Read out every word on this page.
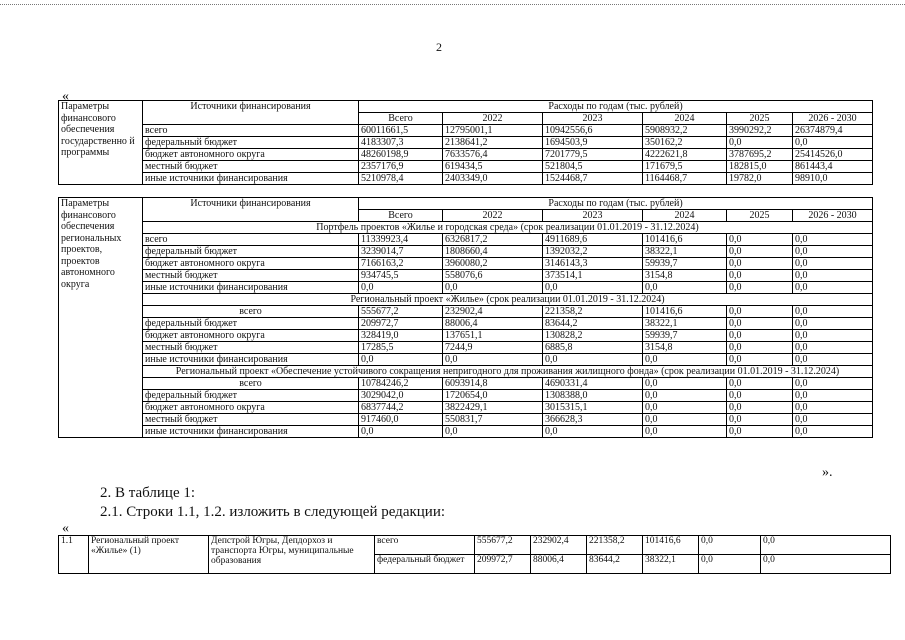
2
«
Параметры финансового обеспечения государственно й программы	Источники финансирования	Расходы по годам (тыс. рублей)					
		Всего	2022	2023	2024	2025	2026 - 2030
	всего	60011661,5	12795001,1	10942556,6	5908932,2	3990292,2	26374879,4
	федеральный бюджет	4183307,3	2138641,2	1694503,9	350162,2	0,0	0,0
	бюджет автономного округа	48260198,9	7633576,4	7201779,5	4222621,8	3787695,2	25414526,0
	местный бюджет	2357176,9	619434,5	521804,5	171679,5	182815,0	861443,4
	иные источники финансирования	5210978,4	2403349,0	1524468,7	1164468,7	19782,0	98910,0
Параметры финансового обеспечения региональных проектов, проектов автономного округа	Источники финансирования	Расходы по годам (тыс. рублей)					
		Всего	2022	2023	2024	2025	2026 - 2030
	Портфель проектов «Жилье и городская среда» (срок реализации 01.01.2019 - 31.12.2024)						
	всего	11339923,4	6326817,2	4911689,6	101416,6	0,0	0,0
	федеральный бюджет	3239014,7	1808660,4	1392032,2	38322,1	0,0	0,0
	бюджет автономного округа	7166163,2	3960080,2	3146143,3	59939,7	0,0	0,0
	местный бюджет	934745,5	558076,6	373514,1	3154,8	0,0	0,0
	иные источники финансирования	0,0	0,0	0,0	0,0	0,0	0,0
	Региональный проект «Жилье» (срок реализации 01.01.2019 - 31.12.2024)						
	всего	555677,2	232902,4	221358,2	101416,6	0,0	0,0
	федеральный бюджет	209972,7	88006,4	83644,2	38322,1	0,0	0,0
	бюджет автономного округа	328419,0	137651,1	130828,2	59939,7	0,0	0,0
	местный бюджет	17285,5	7244,9	6885,8	3154,8	0,0	0,0
	иные источники финансирования	0,0	0,0	0,0	0,0	0,0	0,0
	Региональный проект «Обеспечение устойчивого сокращения непригодного для проживания жилищного фонда» (срок реализации 01.01.2019 - 31.12.2024)						
	всего	10784246,2	6093914,8	4690331,4	0,0	0,0	0,0
	федеральный бюджет	3029042,0	1720654,0	1308388,0	0,0	0,0	0,0
	бюджет автономного округа	6837744,2	3822429,1	3015315,1	0,0	0,0	0,0
	местный бюджет	917460,0	550831,7	366628,3	0,0	0,0	0,0
	иные источники финансирования	0,0	0,0	0,0	0,0	0,0	0,0
».
2. В таблице 1:
2.1. Строки 1.1, 1.2. изложить в следующей редакции:
«
1.1	Региональный проект «Жилье» (1)	Депстрой Югры, Депдорхоз и транспорта Югры, муниципальные образования	всего	555677,2	232902,4	221358,2	101416,6	0,0	0,0
			федеральный бюджет	209972,7	88006,4	83644,2	38322,1	0,0	0,0
